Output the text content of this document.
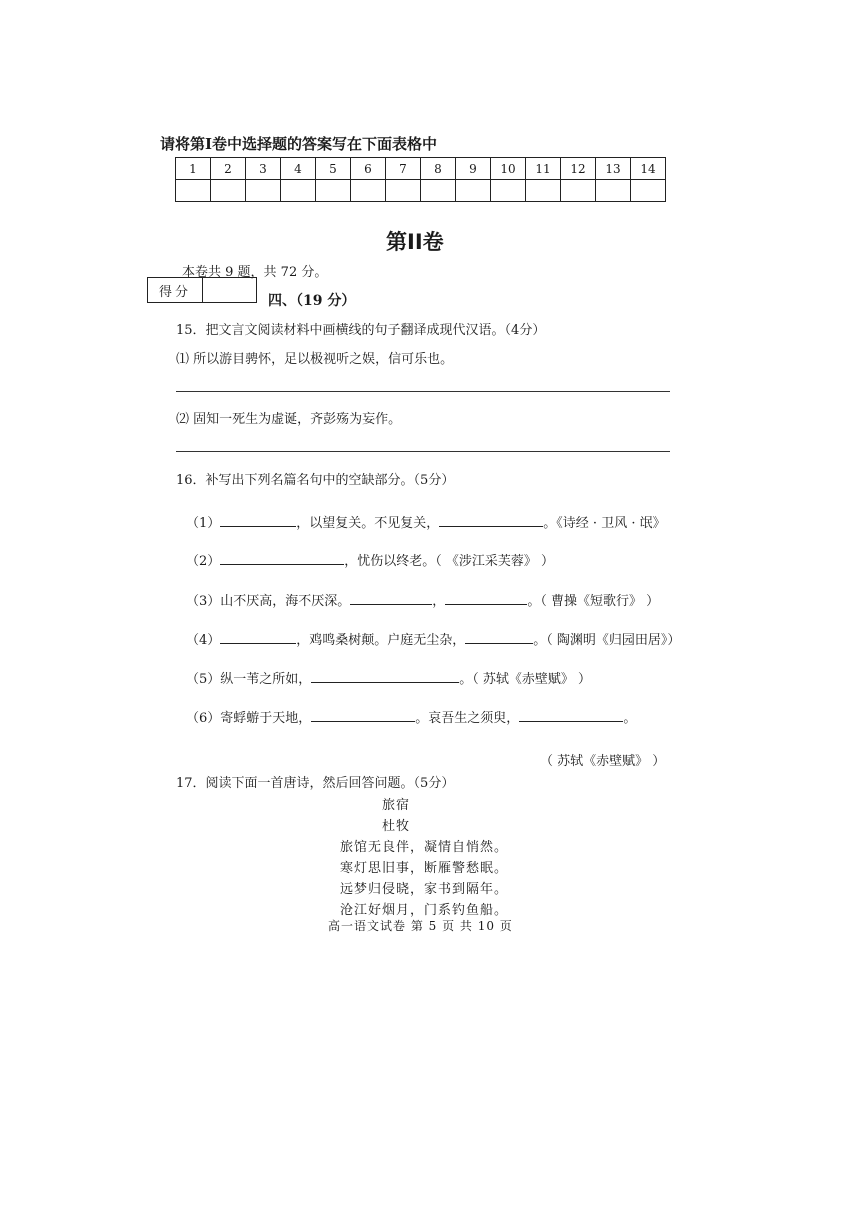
请将第Ⅰ卷中选择题的答案写在下面表格中
1	2	3	4	5	6	7	8	9	10	11	12	13	14

第II卷
本卷共 9 题，共 72 分。
得分
四、（19 分）
15．把文言文阅读材料中画横线的句子翻译成现代汉语。（4分）
⑴ 所以游目骋怀，足以极视听之娱，信可乐也。
⑵ 固知一死生为虚诞，齐彭殇为妄作。
16．补写出下列名篇名句中的空缺部分。（5分）
（1）	，以望复关。不见复关，	。《诗经 · 卫风 · 氓》
（2）	，忧伤以终老。（ 《涉江采芙蓉》 ）
（3）山不厌高，海不厌深。	，	。（ 曹操《短歌行》 ）
（4）	，鸡鸣桑树颠。户庭无尘杂，	。（ 陶渊明《归园田居》）
（5）纵一苇之所如，	。（ 苏轼《赤壁赋》 ）
（6）寄蜉蝣于天地，	。哀吾生之须臾，	。
（ 苏轼《赤壁赋》 ）
17．阅读下面一首唐诗，然后回答问题。（5分）
旅宿
杜牧
旅馆无良伴，凝情自悄然。
寒灯思旧事，断雁警愁眠。
远梦归侵晓，家书到隔年。
沧江好烟月，门系钓鱼船。
高一语文试卷 第 5 页 共 10 页
